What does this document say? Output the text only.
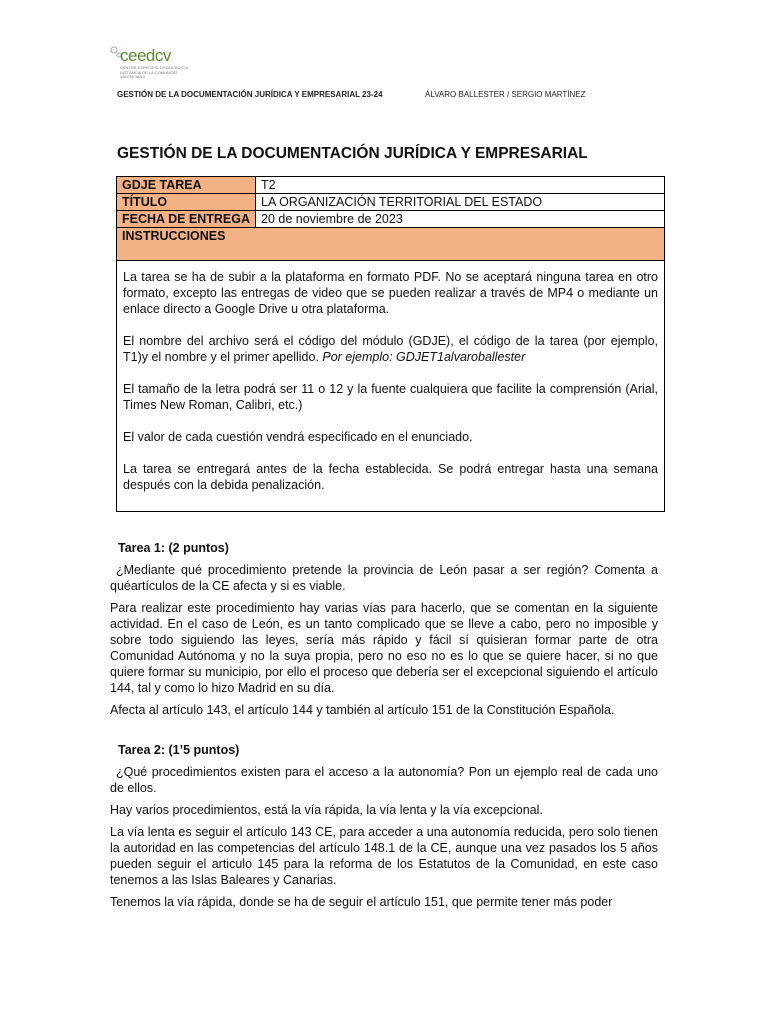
ceedcv
CENTRE ESPECÍFIC D'EDUCACIÓ A DISTÀNCIA DE LA COMUNITAT VALENCIANA
GESTIÓN DE LA DOCUMENTACIÓN JURÍDICA Y EMPRESARIAL 23-24	ÁLVARO BALLESTER / SERGIO MARTÍNEZ
GESTIÓN DE LA DOCUMENTACIÓN JURÍDICA Y EMPRESARIAL
GDJE TAREA	T2
TÍTULO	LA ORGANIZACIÓN TERRITORIAL DEL ESTADO
FECHA DE ENTREGA	20 de noviembre de 2023
INSTRUCCIONES	

La tarea se ha de subir a la plataforma en formato PDF. No se aceptará ninguna tarea en otro formato, excepto las entregas de video que se pueden realizar a través de MP4 o mediante un enlace directo a Google Drive u otra plataforma.

El nombre del archivo será el código del módulo (GDJE), el código de la tarea (por ejemplo, T1)y el nombre y el primer apellido. Por ejemplo: GDJET1alvaroballester

El tamaño de la letra podrá ser 11 o 12 y la fuente cualquiera que facilite la comprensión (Arial, Times New Roman, Calibri, etc.)

El valor de cada cuestión vendrá especificado en el enunciado.

La tarea se entregará antes de la fecha establecida. Se podrá entregar hasta una semana después con la debida penalización.	

Tarea 1: (2 puntos)

¿Mediante qué procedimiento pretende la provincia de León pasar a ser región? Comenta a quéartículos de la CE afecta y si es viable.

Para realizar este procedimiento hay varias vías para hacerlo, que se comentan en la siguiente actividad. En el caso de León, es un tanto complicado que se lleve a cabo, pero no imposible y sobre todo siguiendo las leyes, sería más rápido y fácil sí quisieran formar parte de otra Comunidad Autónoma y no la suya propia, pero no eso no es lo que se quiere hacer, si no que quiere formar su municipio, por ello el proceso que debería ser el excepcional siguiendo el artículo 144, tal y como lo hizo Madrid en su día.

Afecta al artículo 143, el artículo 144 y también al artículo 151 de la Constitución Española.

Tarea 2: (1’5 puntos)

¿Qué procedimientos existen para el acceso a la autonomía? Pon un ejemplo real de cada uno de ellos.

Hay varios procedimientos, está la vía rápida, la vía lenta y la vía excepcional.

La vía lenta es seguir el artículo 143 CE, para acceder a una autonomía reducida, pero solo tienen la autoridad en las competencias del artículo 148.1 de la CE, aunque una vez pasados los 5 años pueden seguir el articulo 145 para la reforma de los Estatutos de la Comunidad, en este caso tenemos a las Islas Baleares y Canarias.

Tenemos la vía rápida, donde se ha de seguir el artículo 151, que permite tener más poder
